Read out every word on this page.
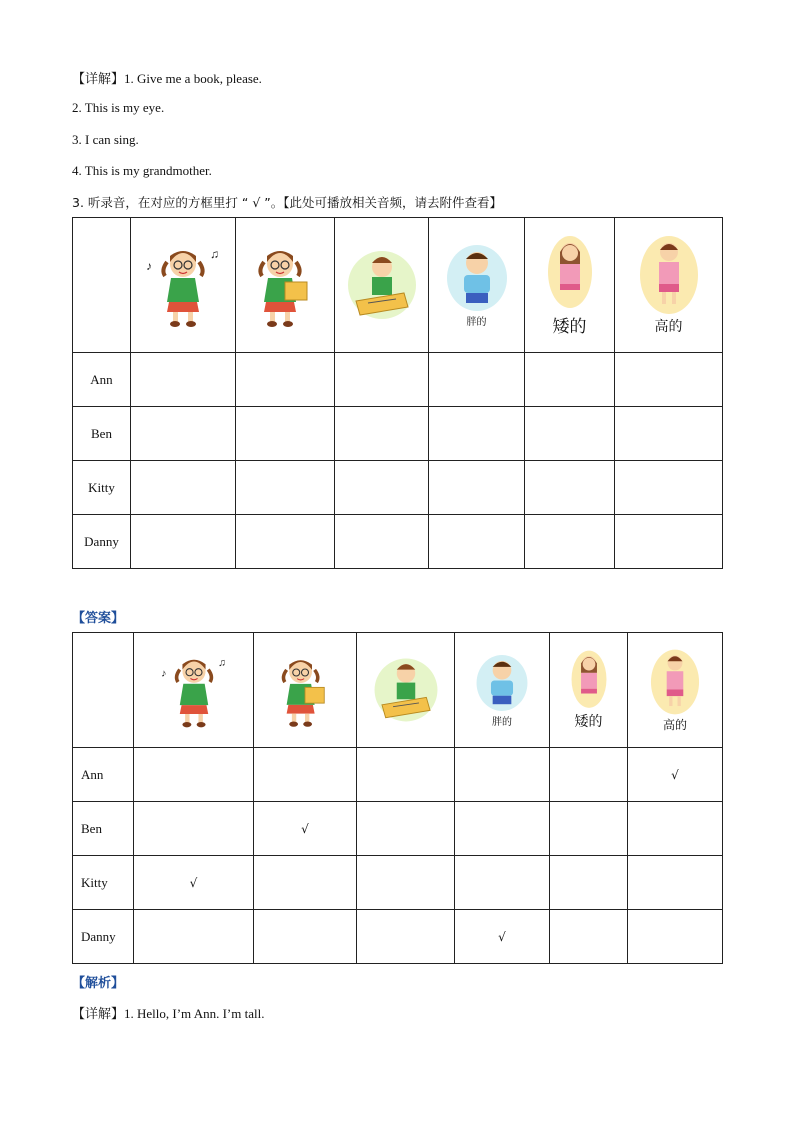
【详解】1. Give me a book, please.
2. This is my eye.
3. I can sing.
4. This is my grandmother.
3. 听录音，在对应的方框里打 “ √ ”。【此处可播放相关音频，请去附件查看】

♪
♫			胖的	矮的	高的

Ann						
Ben						
Kitty						
Danny						
【答案】

♪
♫			胖的	矮的	高的

Ann						√
Ben		√				
Kitty	√					
Danny				√		
【解析】
【详解】1. Hello, I’m Ann. I’m tall.
